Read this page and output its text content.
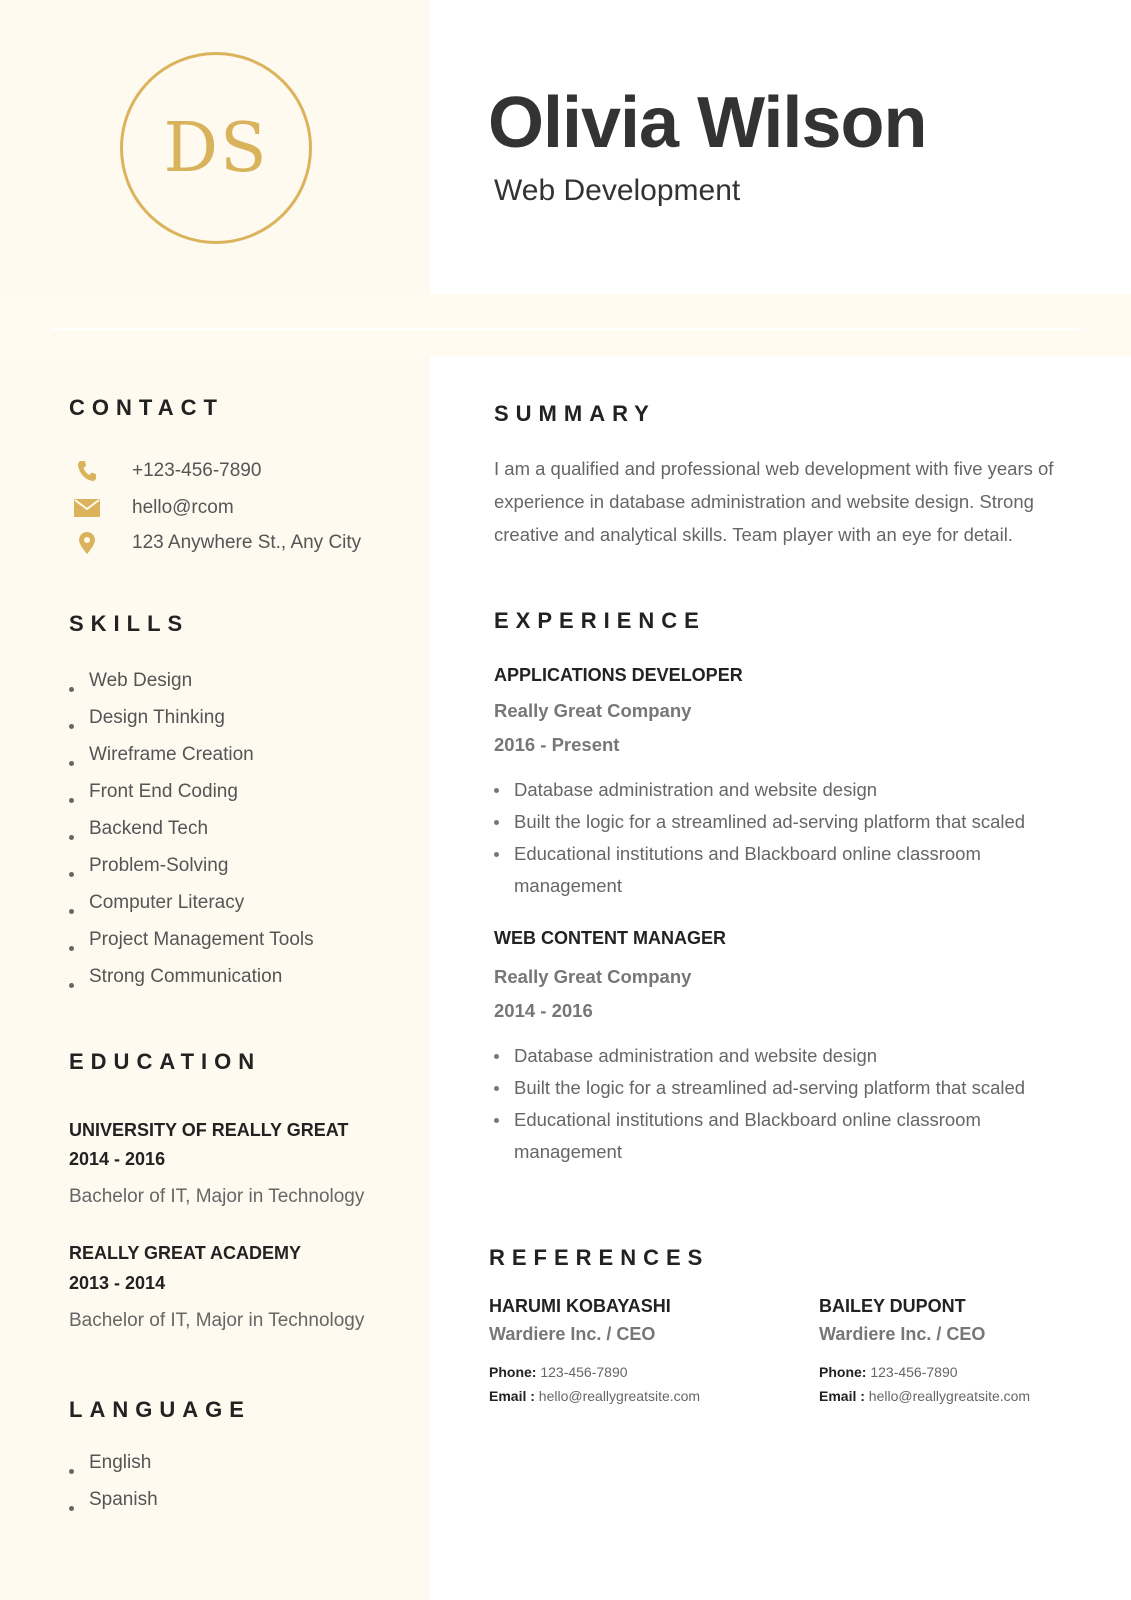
DS	Olivia Wilson
Web Development
CONTACT
+123-456-7890
hello@rcom
123 Anywhere St., Any City
SKILLS
Web Design
Design Thinking
Wireframe Creation
Front End Coding
Backend Tech
Problem-Solving
Computer Literacy
Project Management Tools
Strong Communication
EDUCATION
UNIVERSITY OF REALLY GREAT
2014 - 2016
Bachelor of IT, Major in Technology
REALLY GREAT ACADEMY
2013 - 2014
Bachelor of IT, Major in Technology
LANGUAGE
English
Spanish
SUMMARY
I am a qualified and professional web development with five years of experience in database administration and website design. Strong creative and analytical skills. Team player with an eye for detail.
EXPERIENCE
APPLICATIONS DEVELOPER
Really Great Company
2016 - Present
Database administration and website design
Built the logic for a streamlined ad-serving platform that scaled
Educational institutions and Blackboard online classroom management
WEB CONTENT MANAGER
Really Great Company
2014 - 2016
Database administration and website design
Built the logic for a streamlined ad-serving platform that scaled
Educational institutions and Blackboard online classroom management
REFERENCES
HARUMI KOBAYASHI
Wardiere Inc. / CEO
Phone: 123-456-7890
Email : hello@reallygreatsite.com
BAILEY DUPONT
Wardiere Inc. / CEO
Phone: 123-456-7890
Email : hello@reallygreatsite.com
